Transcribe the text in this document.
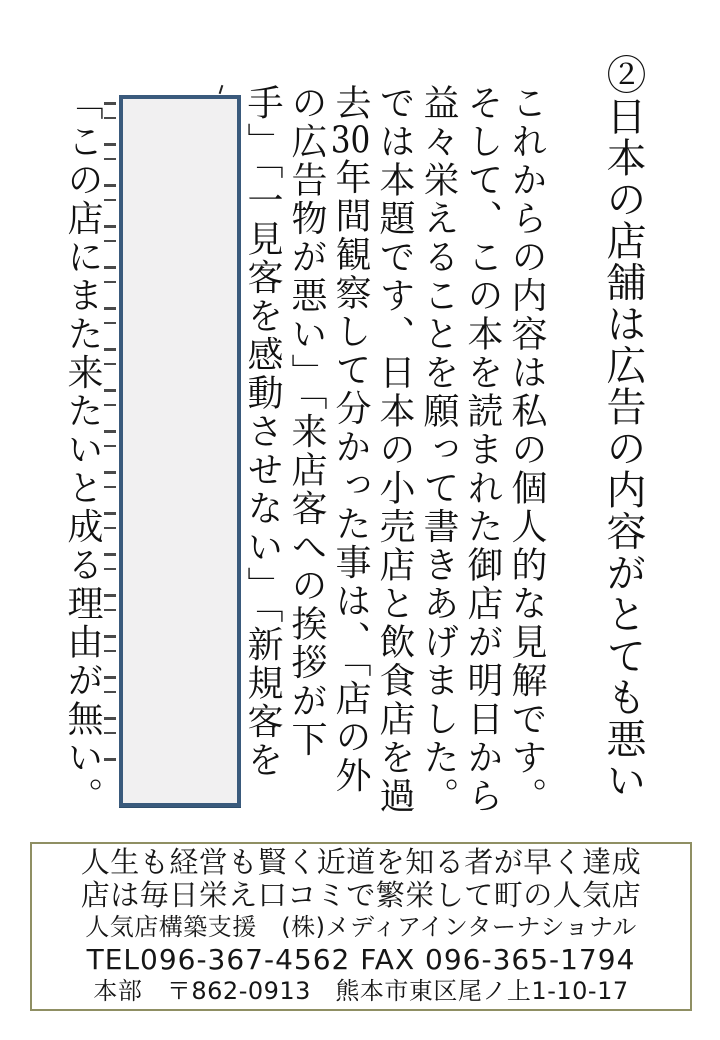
②日本の店舗は広告の内容がとても悪い
これからの内容は私の個人的な見解です。
そして、この本を読まれた御店が明日から
益々栄えることを願って書きあげました。
では本題です、日本の小売店と飲食店を過
去30年間観察して分かった事は、「店の外
の広告物が悪い」「来店客への挨拶が下
手」「一見客を感動させない」「新規客を
「この店にまた来たいと成る理由が無い。
人生も経営も賢く近道を知る者が早く達成
店は毎日栄え口コミで繁栄して町の人気店
人気店構築支援　(株)メディアインターナショナル
TEL096-367-4562 FAX 096-365-1794
本部　〒862-0913　熊本市東区尾ノ上1-10-17
